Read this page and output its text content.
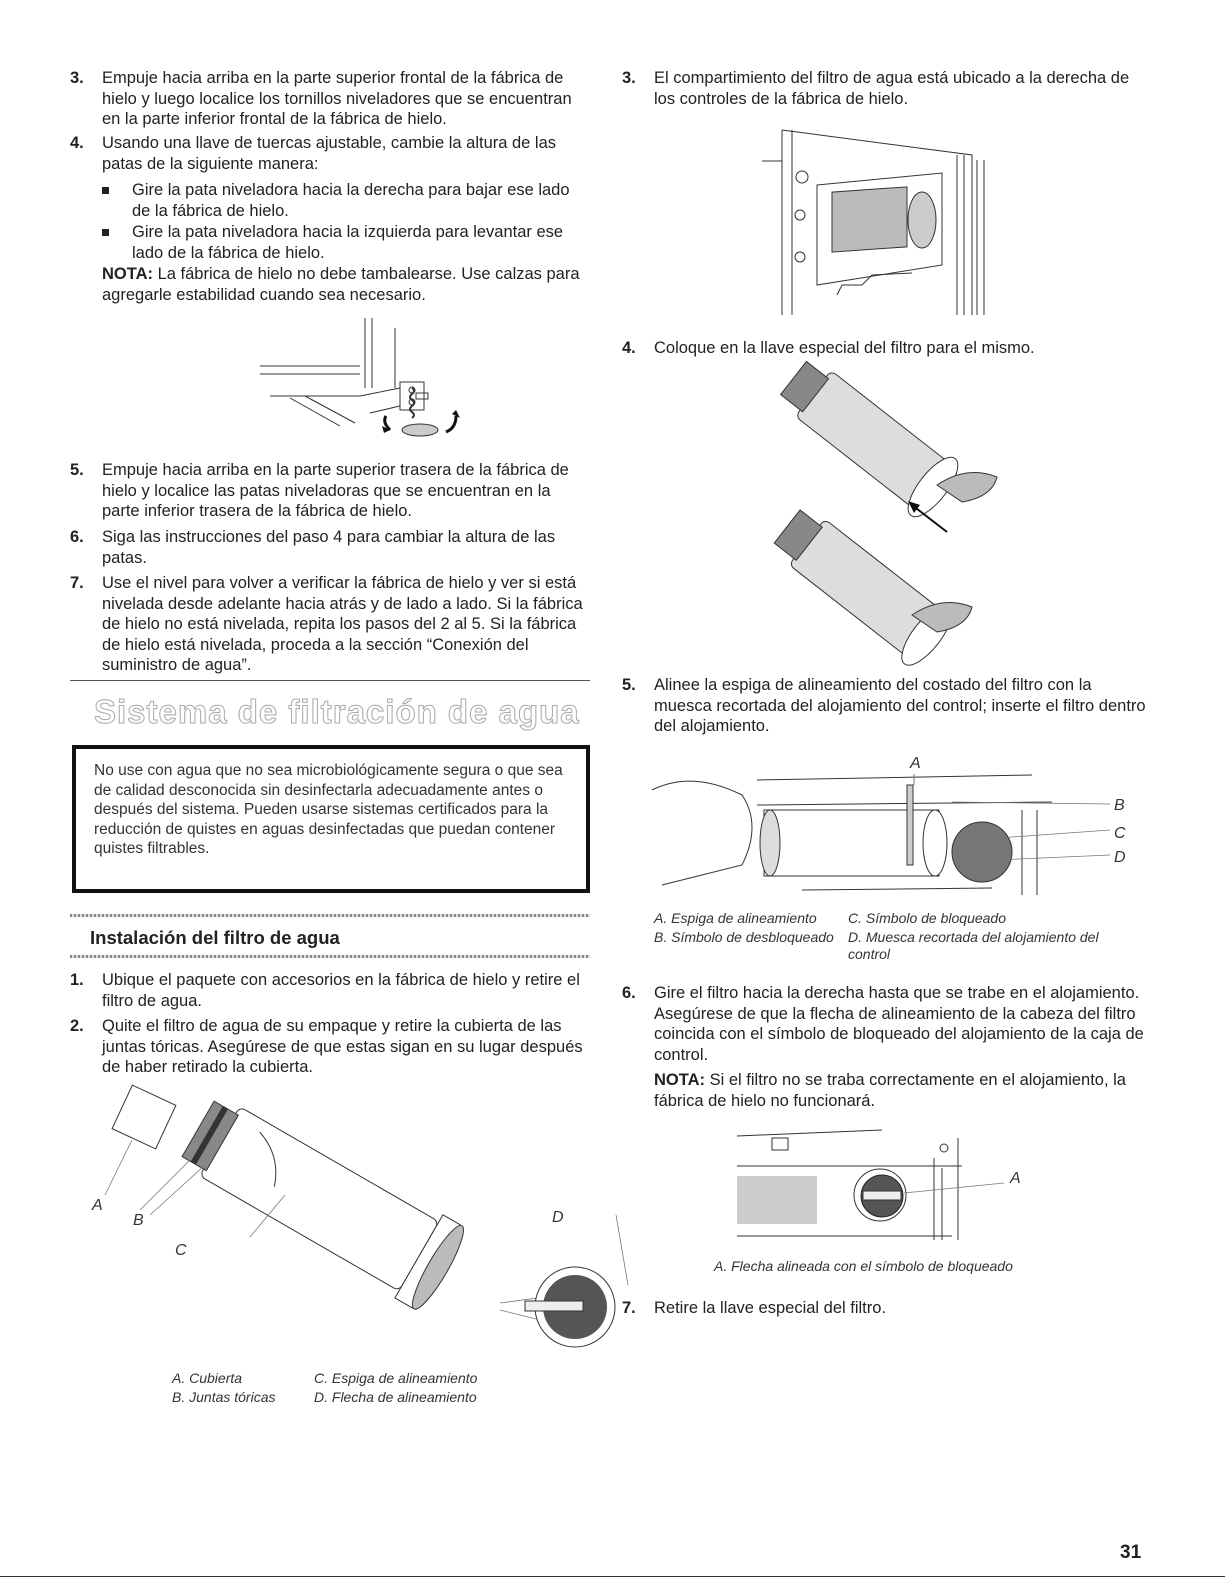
3. Empuje hacia arriba en la parte superior frontal de la fábrica de hielo y luego localice los tornillos niveladores que se encuentran en la parte inferior frontal de la fábrica de hielo.
4. Usando una llave de tuercas ajustable, cambie la altura de las patas de la siguiente manera:
Gire la pata niveladora hacia la derecha para bajar ese lado de la fábrica de hielo.
Gire la pata niveladora hacia la izquierda para levantar ese lado de la fábrica de hielo.
NOTA: La fábrica de hielo no debe tambalearse. Use calzas para agregarle estabilidad cuando sea necesario.
5. Empuje hacia arriba en la parte superior trasera de la fábrica de hielo y localice las patas niveladoras que se encuentran en la parte inferior trasera de la fábrica de hielo.
6. Siga las instrucciones del paso 4 para cambiar la altura de las patas.
7. Use el nivel para volver a verificar la fábrica de hielo y ver si está nivelada desde adelante hacia atrás y de lado a lado. Si la fábrica de hielo no está nivelada, repita los pasos del 2 al 5. Si la fábrica de hielo está nivelada, proceda a la sección “Conexión del suministro de agua”.
Sistema de filtración de agua
No use con agua que no sea microbiológicamente segura o que sea de calidad desconocida sin desinfectarla adecuadamente antes o después del sistema. Pueden usarse sistemas certificados para la reducción de quistes en aguas desinfectadas que puedan contener quistes filtrables.
Instalación del filtro de agua
1. Ubique el paquete con accesorios en la fábrica de hielo y retire el filtro de agua.
2. Quite el filtro de agua de su empaque y retire la cubierta de las juntas tóricas. Asegúrese de que estas sigan en su lugar después de haber retirado la cubierta.
A
B
C
D
A. Cubierta
B. Juntas tóricas
C. Espiga de alineamiento
D. Flecha de alineamiento
3. El compartimiento del filtro de agua está ubicado a la derecha de los controles de la fábrica de hielo.
4. Coloque en la llave especial del filtro para el mismo.
5. Alinee la espiga de alineamiento del costado del filtro con la muesca recortada del alojamiento del control; inserte el filtro dentro del alojamiento.
A
B
C
D
A. Espiga de alineamiento
B. Símbolo de desbloqueado
C. Símbolo de bloqueado
D. Muesca recortada del alojamiento del control
6. Gire el filtro hacia la derecha hasta que se trabe en el alojamiento. Asegúrese de que la flecha de alineamiento de la cabeza del filtro coincida con el símbolo de bloqueado del alojamiento de la caja de control.
NOTA: Si el filtro no se traba correctamente en el alojamiento, la fábrica de hielo no funcionará.
A
A. Flecha alineada con el símbolo de bloqueado
7. Retire la llave especial del filtro.
31
